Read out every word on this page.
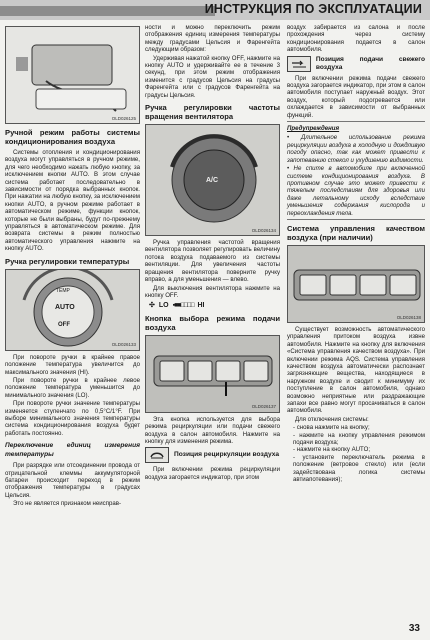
ИНСТРУКЦИЯ ПО ЭКСПЛУАТАЦИИ
OLD026125
Ручной режим работы системы кондиционирования воздуха

Системы отопления и кондиционирования воздуха могут управляться в ручном режиме, для чего необходимо нажать любую кнопку, за исключением кнопки AUTO. В этом случае система работает последовательно в зависимости от порядка выбранных кнопок. При нажатии на любую кнопку, за исключением кнопки AUTO, в ручном режиме работает в автоматическом режиме, функции кнопок, которые не были выбраны, будут по-прежнему управляться в автоматическом режиме. Для возврата системы в режим полностью автоматического управления нажмите на кнопку AUTO.

Ручка регулировки температуры
TEMP
AUTO
OFF
OLD026133

При повороте ручки в крайнее правое положение температура увеличится до максимального значения (HI).

При повороте ручки в крайнее левое положение температура уменьшится до минимального значения (LO).

При повороте ручки значение температуры изменяется ступенчато по 0,5°C/1°F. При выборе минимального значения температуры система кондиционирования воздуха будет работать постоянно.

Переключение единиц измерения температуры

При разрядке или отсоединении провода от отрицательной клеммы аккумуляторной батареи происходит переход в режим отображения температуры в градусах Цельсия.

Это не является признаком неисправ-

ности и можно переключить режим отображения единиц измерения температуры между градусами Цельсия и Фаренгейта следующим образом:

Удерживая нажатой кнопку OFF, нажмите на кнопку AUTO и удерживайте ее в течение 3 секунд, при этом режим отображения изменится с градусов Цельсия на градусы Фаренгейта или с градусов Фаренгейта на градусы Цельсия.

Ручка регулировки частоты вращения вентилятора
A/C
OLD026134

Ручка управления частотой вращения вентилятора позволяет регулировать величину потока воздуха подаваемого из системы вентиляции. Для увеличения частоты вращения вентилятора поверните ручку вправо, а для уменьшения — влево.

Для выключения вентилятора нажмите на кнопку OFF.

✣ LO ▪■■□□□□ HI
Кнопка выбора режима подачи воздуха
OLD026137

Эта кнопка используется для выбора режима рециркуляции или подачи свежего воздуха в салон автомобиля. Нажмите на кнопку для изменения режима.

Позиция рециркуляции воздуха

При включении режима рециркуляции воздуха загорается индикатор, при этом

воздух забирается из салона и после прохождения через систему кондиционирования подается в салон автомобиля.

Позиция подачи свежего воздуха

При включении режима подачи свежего воздуха загорается индикатор, при этом в салон автомобиля поступает наружный воздух. Этот воздух, который подогревается или охлаждается в зависимости от выбранных функций.

Предупреждения

• Длительное использование режима рециркуляции воздуха в холодную и дождливую погоду опасно, так как может привести к запотеванию стекол и ухудшению видимости.

• Не спите в автомобиле при включенной системе кондиционирования воздуха. В противном случае это может привести к тяжелым последствиям для здоровья или даже летальному исходу вследствие уменьшения содержания кислорода и переохлаждения тела.

Система управления качеством воздуха (при наличии)
OLD026138

Существует возможность автоматического управления притоком воздуха извне автомобиля. Нажмите на кнопку для включения «Система управления качеством воздуха». При включении режима AQS. Система управления качеством воздуха автоматически распознает загрязняющие вещества, находящиеся в наружном воздухе и сводит к минимуму их поступление в салон автомобиля, однако возможно неприятные или раздражающие запахи все равно могут просачиваться в салон автомобиля.

Для отключения системы:

- снова нажмите на кнопку;
- нажмите на кнопку управления режимом подачи воздуха;
- нажмите на кнопку AUTO;
- установите переключатель режима в положение (ветровое стекло) или (если задействована логика системы автиапотевания);
33
